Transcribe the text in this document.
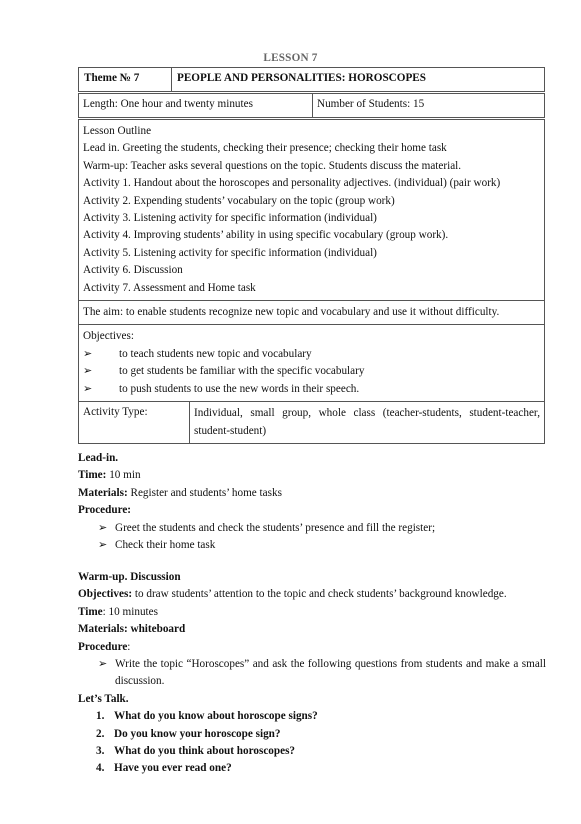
LESSON 7
Theme № 7	PEOPLE AND PERSONALITIES: HOROSCOPES
Length: One hour and twenty minutes	Number of Students: 15
Lesson Outline
Lead in. Greeting the students, checking their presence; checking their home task
Warm-up: Teacher asks several questions on the topic. Students discuss the material.
Activity 1. Handout about the horoscopes and personality adjectives. (individual) (pair work)
Activity 2. Expending students’ vocabulary on the topic (group work)
Activity 3. Listening activity for specific information (individual)
Activity 4. Improving students’ ability in using specific vocabulary (group work).
Activity 5. Listening activity for specific information (individual)
Activity 6. Discussion
Activity 7. Assessment and Home task

The aim: to enable students recognize new topic and vocabulary and use it without difficulty.

Objectives:
➢	to teach students new topic and vocabulary
➢	to get students be familiar with the specific vocabulary
➢	to push students to use the new words in their speech.

Activity Type:	Individual, small group, whole class (teacher-students, student-teacher, student-student)
Lead-in.
Time: 10 min
Materials: Register and students’ home tasks
Procedure:
➢ Greet the students and check the students’ presence and fill the register;
➢ Check their home task
Warm-up. Discussion
Objectives: to draw students’ attention to the topic and check students’ background knowledge.
Time: 10 minutes
Materials: whiteboard
Procedure:
➢ Write the topic “Horoscopes” and ask the following questions from students and make a small discussion.
Let’s Talk.
1. What do you know about horoscope signs?
2. Do you know your horoscope sign?
3. What do you think about horoscopes?
4. Have you ever read one?
